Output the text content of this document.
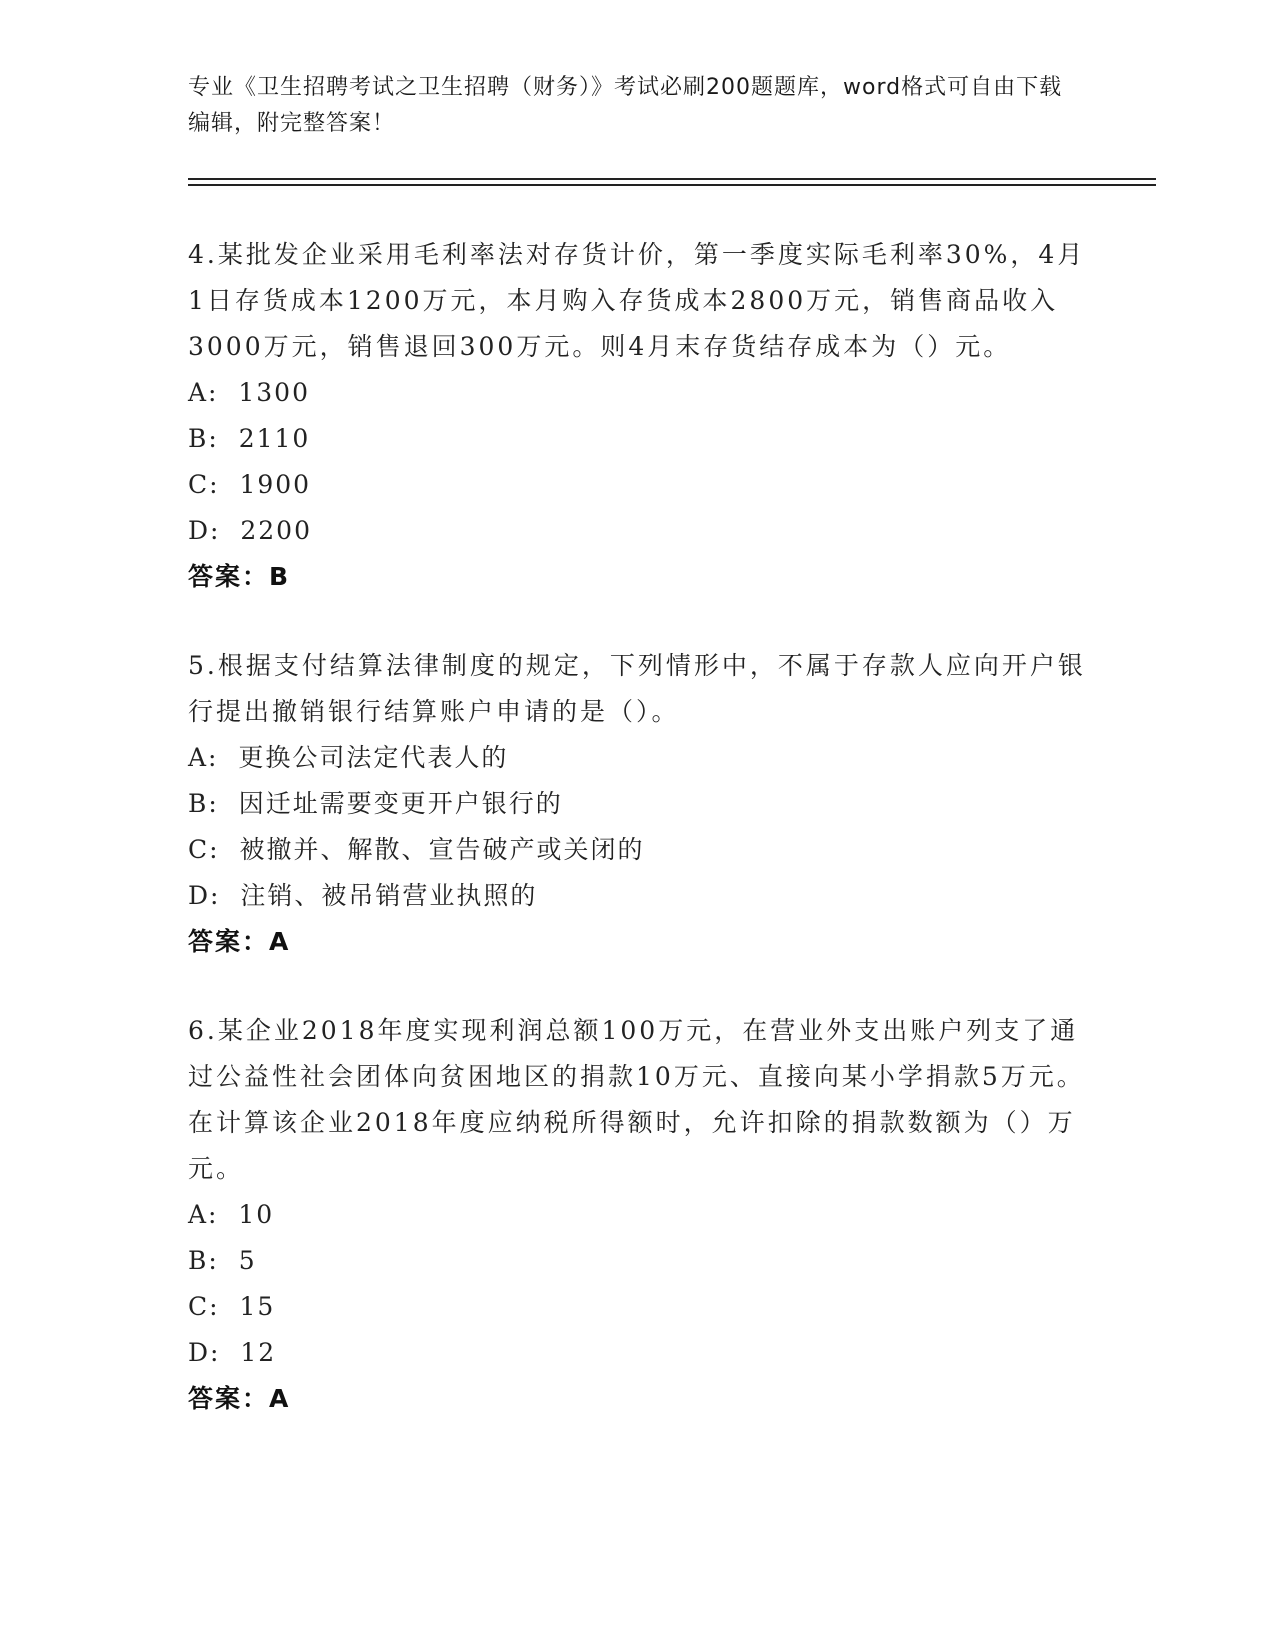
专业《卫生招聘考试之卫生招聘（财务）》考试必刷200题题库，word格式可自由下载编辑，附完整答案！

4.某批发企业采用毛利率法对存货计价，第一季度实际毛利率30%，4月1日存货成本1200万元，本月购入存货成本2800万元，销售商品收入3000万元，销售退回300万元。则4月末存货结存成本为（）元。

A:  1300
B:  2110
C:  1900
D:  2200
答案：B

5.根据支付结算法律制度的规定，下列情形中，不属于存款人应向开户银行提出撤销银行结算账户申请的是（）。

A:  更换公司法定代表人的
B:  因迁址需要变更开户银行的
C:  被撤并、解散、宣告破产或关闭的
D:  注销、被吊销营业执照的
答案：A

6.某企业2018年度实现利润总额100万元，在营业外支出账户列支了通过公益性社会团体向贫困地区的捐款10万元、直接向某小学捐款5万元。在计算该企业2018年度应纳税所得额时，允许扣除的捐款数额为（）万元。

A:  10
B:  5
C:  15
D:  12
答案：A
